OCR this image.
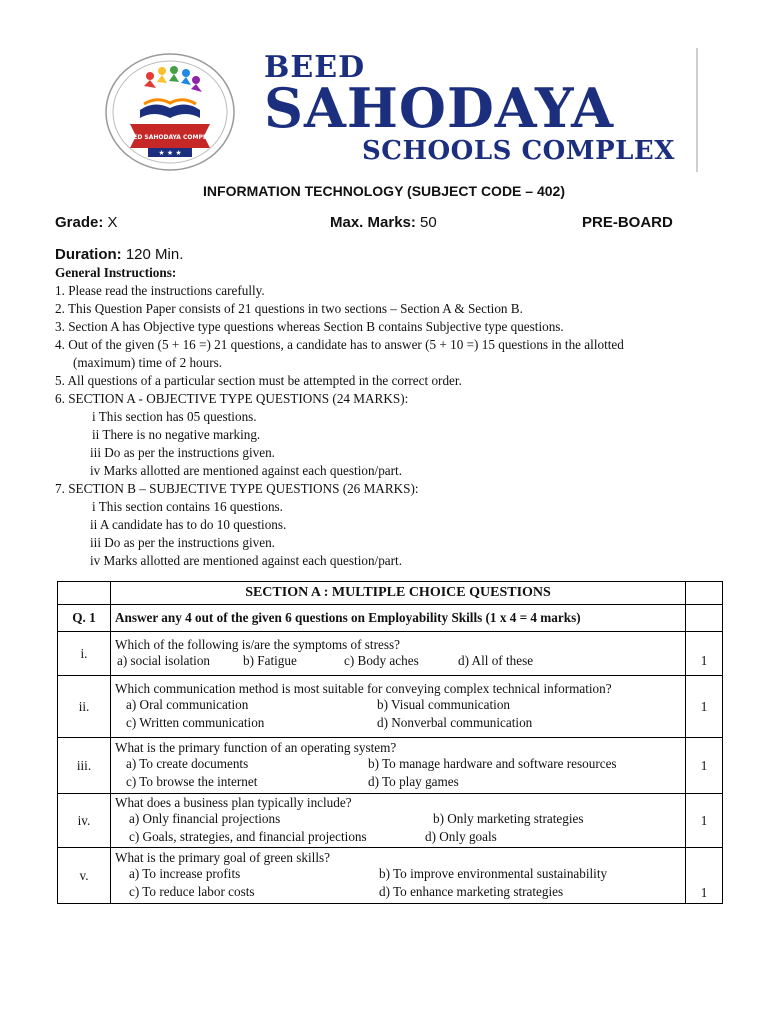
BEED SAHODAYA COMPLEX
★ ★ ★
BEED
SAHODAYA
SCHOOLS COMPLEX
INFORMATION TECHNOLOGY (SUBJECT CODE – 402)
Grade: X	Max. Marks: 50	PRE-BOARD
Duration: 120 Min.
General Instructions:
1. Please read the instructions carefully.
2. This Question Paper consists of 21 questions in two sections – Section A & Section B.
3. Section A has Objective type questions whereas Section B contains Subjective type questions.
4. Out of the given (5 + 16 =) 21 questions, a candidate has to answer (5 + 10 =) 15 questions in the allotted
(maximum) time of 2 hours.
5. All questions of a particular section must be attempted in the correct order.
6. SECTION A - OBJECTIVE TYPE QUESTIONS (24 MARKS):
i This section has 05 questions.
ii There is no negative marking.
iii Do as per the instructions given.
iv Marks allotted are mentioned against each question/part.
7. SECTION B – SUBJECTIVE TYPE QUESTIONS (26 MARKS):
i This section contains 16 questions.
ii A candidate has to do 10 questions.
iii Do as per the instructions given.
iv Marks allotted are mentioned against each question/part.
	SECTION A : MULTIPLE CHOICE QUESTIONS	
Q. 1	Answer any 4 out of the given 6 questions on Employability Skills (1 x 4 = 4 marks)	
i.	Which of the following is/are the symptoms of stress?
a) social isolation b) Fatigue c) Body aches d) All of these	1
ii.	Which communication method is most suitable for conveying complex technical information?
a) Oral communication b) Visual communication
c) Written communication d) Nonverbal communication	1
iii.	What is the primary function of an operating system?
a) To create documents b) To manage hardware and software resources
c) To browse the internet d) To play games	1
iv.	What does a business plan typically include?
a) Only financial projections b) Only marketing strategies
c) Goals, strategies, and financial projections d) Only goals	1
v.	What is the primary goal of green skills?
a) To increase profits b) To improve environmental sustainability
c) To reduce labor costs d) To enhance marketing strategies	1
